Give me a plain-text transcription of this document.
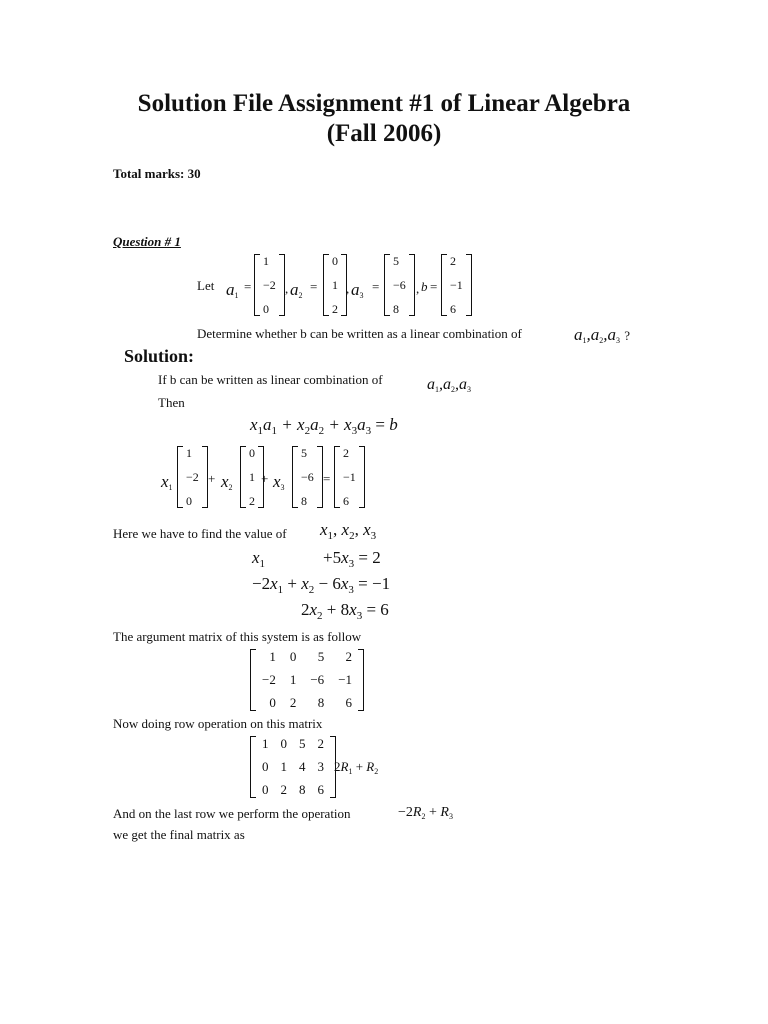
Solution File Assignment #1 of Linear Algebra
(Fall 2006)
Total marks: 30
Question # 1
Let $a_1$
=
1
−2
0
, $a_2$
=
0
1
2
, $a_3$
=
5
−6
8
, b =
2
−1
6
Determine whether b can be written as a linear combination of	$a_1,a_2,a_3$ ?
Solution:
If b can be written as linear combination of	$a_1,a_2,a_3$
Then
$x_1a_1 + x_2a_2 + x_3a_3 = b$
$x_1$
1
−2
0
+ $x_2$
0
1
2
+ $x_3$
5
−6
8
=
2
−1
6
Here we have to find the value of $x_1$, $x_2$, $x_3$
$x_1$	$+5x_3 = 2$
$-2x_1 + x_2 - 6x_3 = -1$
$2x_2 + 8x_3 = 6$
The argument matrix of this system is as follow
1 0	5	2
−2 1 −6 −1
0 2	8	6
Now doing row operation on this matrix
1 0 5 2
0 1 4 3
0 2 8 6
$2R_1 + R_2$
And on the last row we perform the operation	$-2R_2 + R_3$
we get the final matrix as
